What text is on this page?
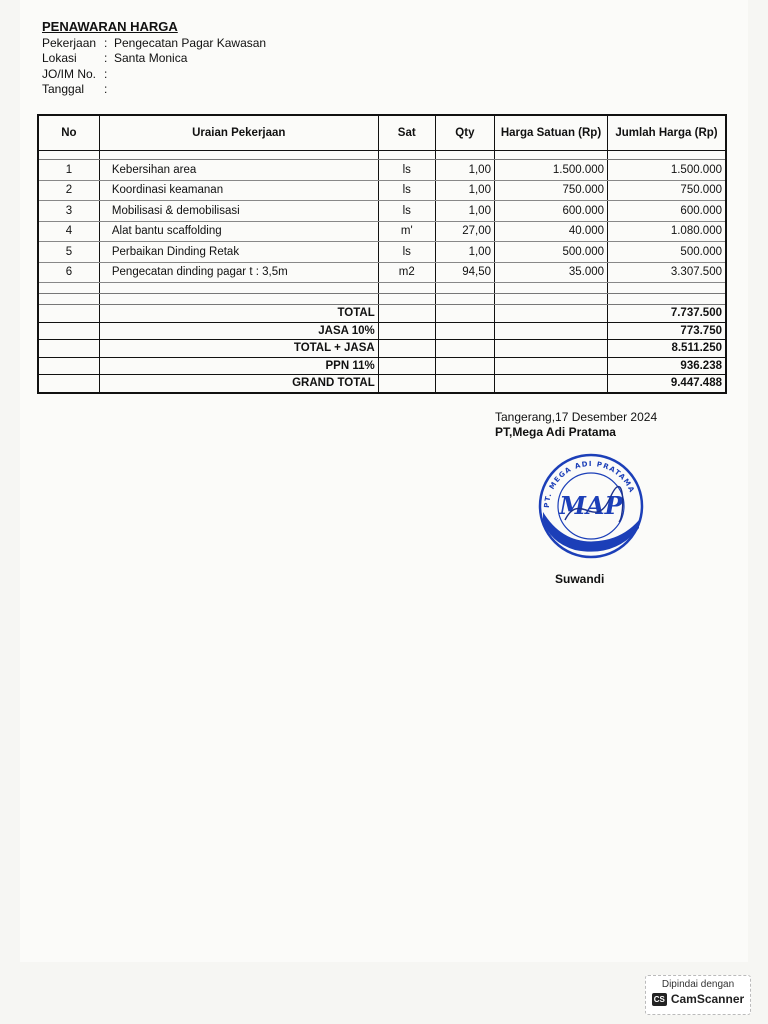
PENAWARAN HARGA
Pekerjaan : Pengecatan Pagar Kawasan
Lokasi	: Santa Monica
JO/IM No. :
Tanggal	:
No	Uraian Pekerjaan	Sat	Qty	Harga Satuan (Rp)	Jumlah Harga (Rp)

1	Kebersihan area	ls	1,00	1.500.000	1.500.000
2	Koordinasi keamanan	ls	1,00	750.000	750.000
3	Mobilisasi & demobilisasi	ls	1,00	600.000	600.000
4	Alat bantu scaffolding	m'	27,00	40.000	1.080.000
5	Perbaikan Dinding Retak	ls	1,00	500.000	500.000
6	Pengecatan dinding pagar t : 3,5m	m2	94,50	35.000	3.307.500

	TOTAL				7.737.500
	JASA 10%				773.750
	TOTAL + JASA				8.511.250
	PPN 11%				936.238
	GRAND TOTAL				9.447.488
Tangerang,17 Desember 2024
PT,Mega Adi Pratama
PT. MEGA ADI PRATAMA
MAP
Suwandi
Dipindai dengan
CS CamScanner
